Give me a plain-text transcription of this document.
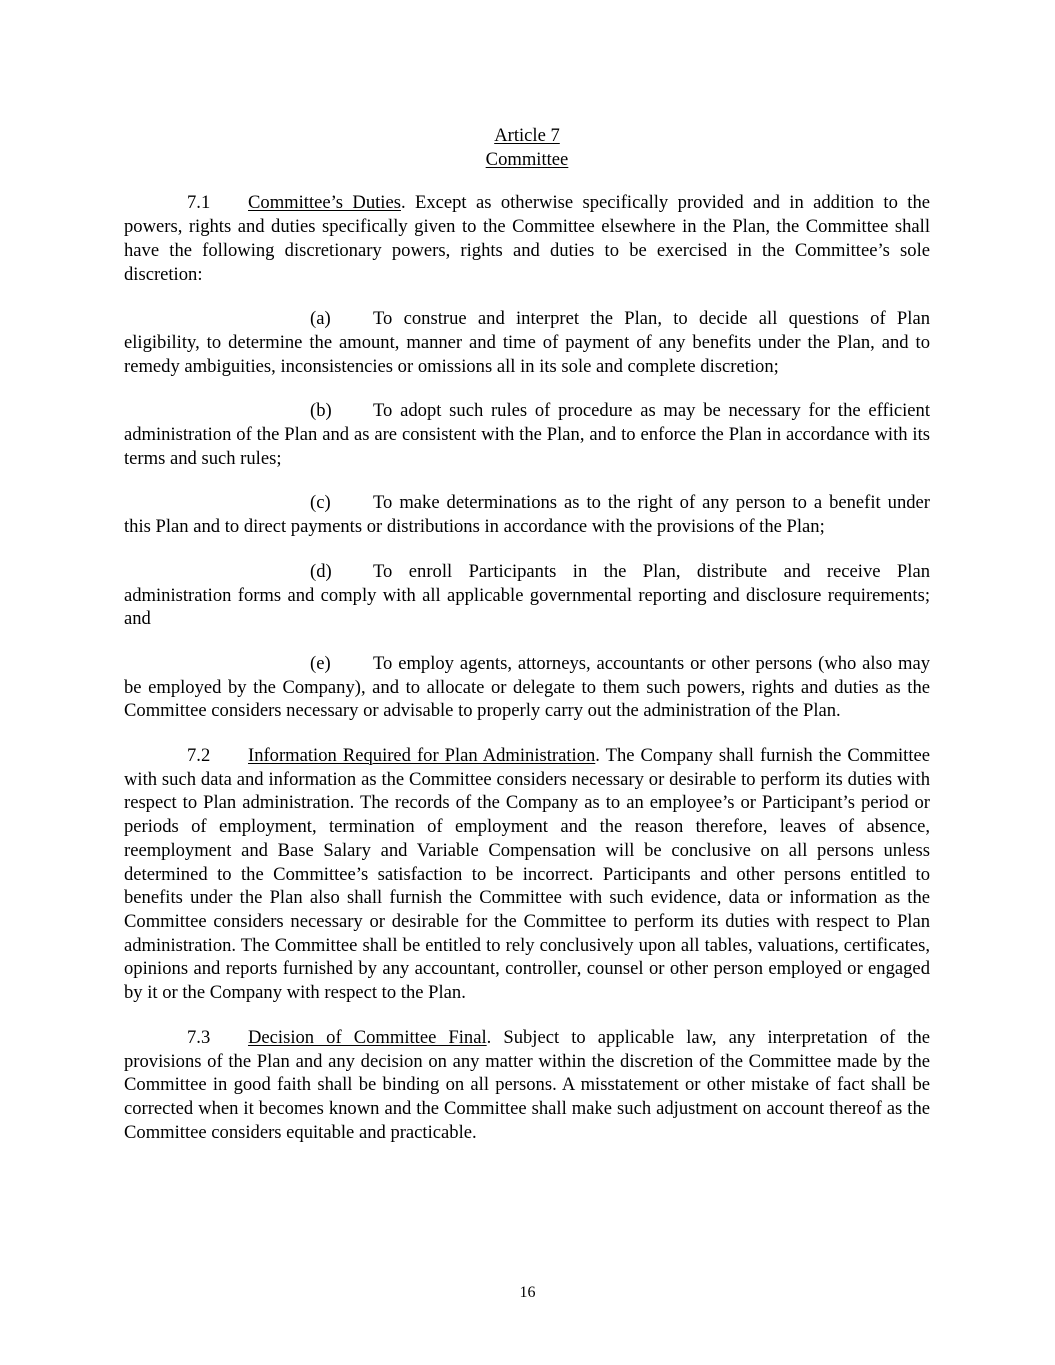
Article 7

Committee

7.1 Committee’s Duties. Except as otherwise specifically provided and in addition to the powers, rights and duties specifically given to the Committee elsewhere in the Plan, the Committee shall have the following discretionary powers, rights and duties to be exercised in the Committee’s sole discretion:

(a) To construe and interpret the Plan, to decide all questions of Plan eligibility, to determine the amount, manner and time of payment of any benefits under the Plan, and to remedy ambiguities, inconsistencies or omissions all in its sole and complete discretion;

(b) To adopt such rules of procedure as may be necessary for the efficient administration of the Plan and as are consistent with the Plan, and to enforce the Plan in accordance with its terms and such rules;

(c) To make determinations as to the right of any person to a benefit under this Plan and to direct payments or distributions in accordance with the provisions of the Plan;

(d) To enroll Participants in the Plan, distribute and receive Plan administration forms and comply with all applicable governmental reporting and disclosure requirements; and

(e) To employ agents, attorneys, accountants or other persons (who also may be employed by the Company), and to allocate or delegate to them such powers, rights and duties as the Committee considers necessary or advisable to properly carry out the administration of the Plan.

7.2 Information Required for Plan Administration. The Company shall furnish the Committee with such data and information as the Committee considers necessary or desirable to perform its duties with respect to Plan administration. The records of the Company as to an employee’s or Participant’s period or periods of employment, termination of employment and the reason therefore, leaves of absence, reemployment and Base Salary and Variable Compensation will be conclusive on all persons unless determined to the Committee’s satisfaction to be incorrect. Participants and other persons entitled to benefits under the Plan also shall furnish the Committee with such evidence, data or information as the Committee considers necessary or desirable for the Committee to perform its duties with respect to Plan administration. The Committee shall be entitled to rely conclusively upon all tables, valuations, certificates, opinions and reports furnished by any accountant, controller, counsel or other person employed or engaged by it or the Company with respect to the Plan.

7.3 Decision of Committee Final. Subject to applicable law, any interpretation of the provisions of the Plan and any decision on any matter within the discretion of the Committee made by the Committee in good faith shall be binding on all persons. A misstatement or other mistake of fact shall be corrected when it becomes known and the Committee shall make such adjustment on account thereof as the Committee considers equitable and practicable.

16
